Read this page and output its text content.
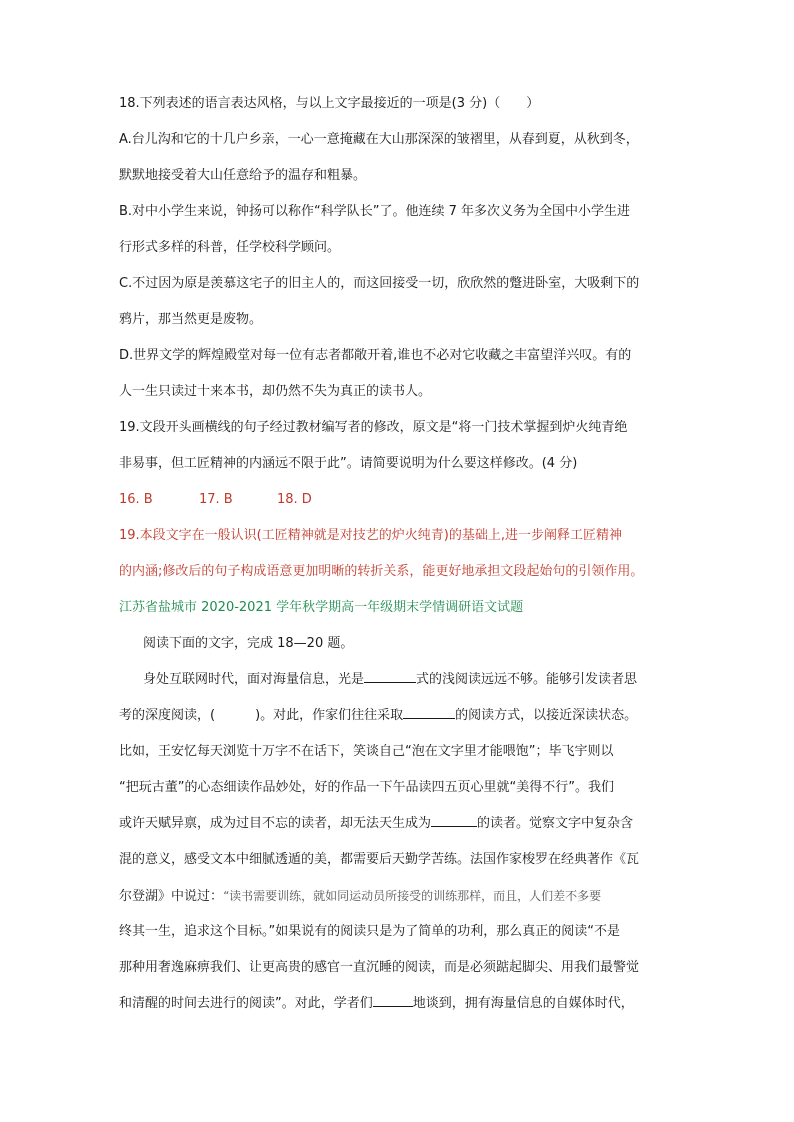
18.下列表述的语言表达风格，与以上文字最接近的一项是(3 分)（　　）
A.台儿沟和它的十几户乡亲，一心一意掩藏在大山那深深的皱褶里，从春到夏，从秋到冬，
默默地接受着大山任意给予的温存和粗暴。
B.对中小学生来说，钟扬可以称作“科学队长”了。他连续 7 年多次义务为全国中小学生进
行形式多样的科普，任学校科学顾问。
C.不过因为原是羡慕这宅子的旧主人的，而这回接受一切，欣欣然的蹩进卧室，大吸剩下的
鸦片，那当然更是废物。
D.世界文学的辉煌殿堂对每一位有志者都敞开着,谁也不必对它收藏之丰富望洋兴叹。有的
人一生只读过十来本书，却仍然不失为真正的读书人。
19.文段开头画横线的句子经过教材编写者的修改，原文是“将一门技术掌握到炉火纯青绝
非易事，但工匠精神的内涵远不限于此”。请简要说明为什么要这样修改。(4 分)
16. B	17. B	18. D
19.本段文字在一般认识(工匠精神就是对技艺的炉火纯青)的基础上,进一步阐释工匠精神
的内涵;修改后的句子构成语意更加明晰的转折关系，能更好地承担文段起始句的引领作用。
江苏省盐城市 2020-2021 学年秋学期高一年级期末学情调研语文试题
阅读下面的文字，完成 18—20 题。
身处互联网时代，面对海量信息，光是	式的浅阅读远远不够。能够引发读者思
考的深度阅读，(	)。对此，作家们往往采取	的阅读方式，以接近深读状态。
比如，王安忆每天浏览十万字不在话下，笑谈自己“泡在文字里才能喂饱”；毕飞宇则以
“把玩古董”的心态细读作品妙处，好的作品一下午品读四五页心里就“美得不行”。我们
或许天赋异禀，成为过目不忘的读者，却无法天生成为	的读者。觉察文字中复杂含
混的意义，感受文本中细腻透遁的美，都需要后天勤学苦练。法国作家梭罗在经典著作《瓦
尔登湖》中说过：“读书需要训练，就如同运动员所接受的训练那样，而且，人们差不多要
终其一生，追求这个目标。”如果说有的阅读只是为了简单的功利，那么真正的阅读“不是
那种用奢逸麻痹我们、让更高贵的感官一直沉睡的阅读，而是必须踮起脚尖、用我们最警觉
和清醒的时间去进行的阅读”。对此，学者们	地谈到，拥有海量信息的自媒体时代，
